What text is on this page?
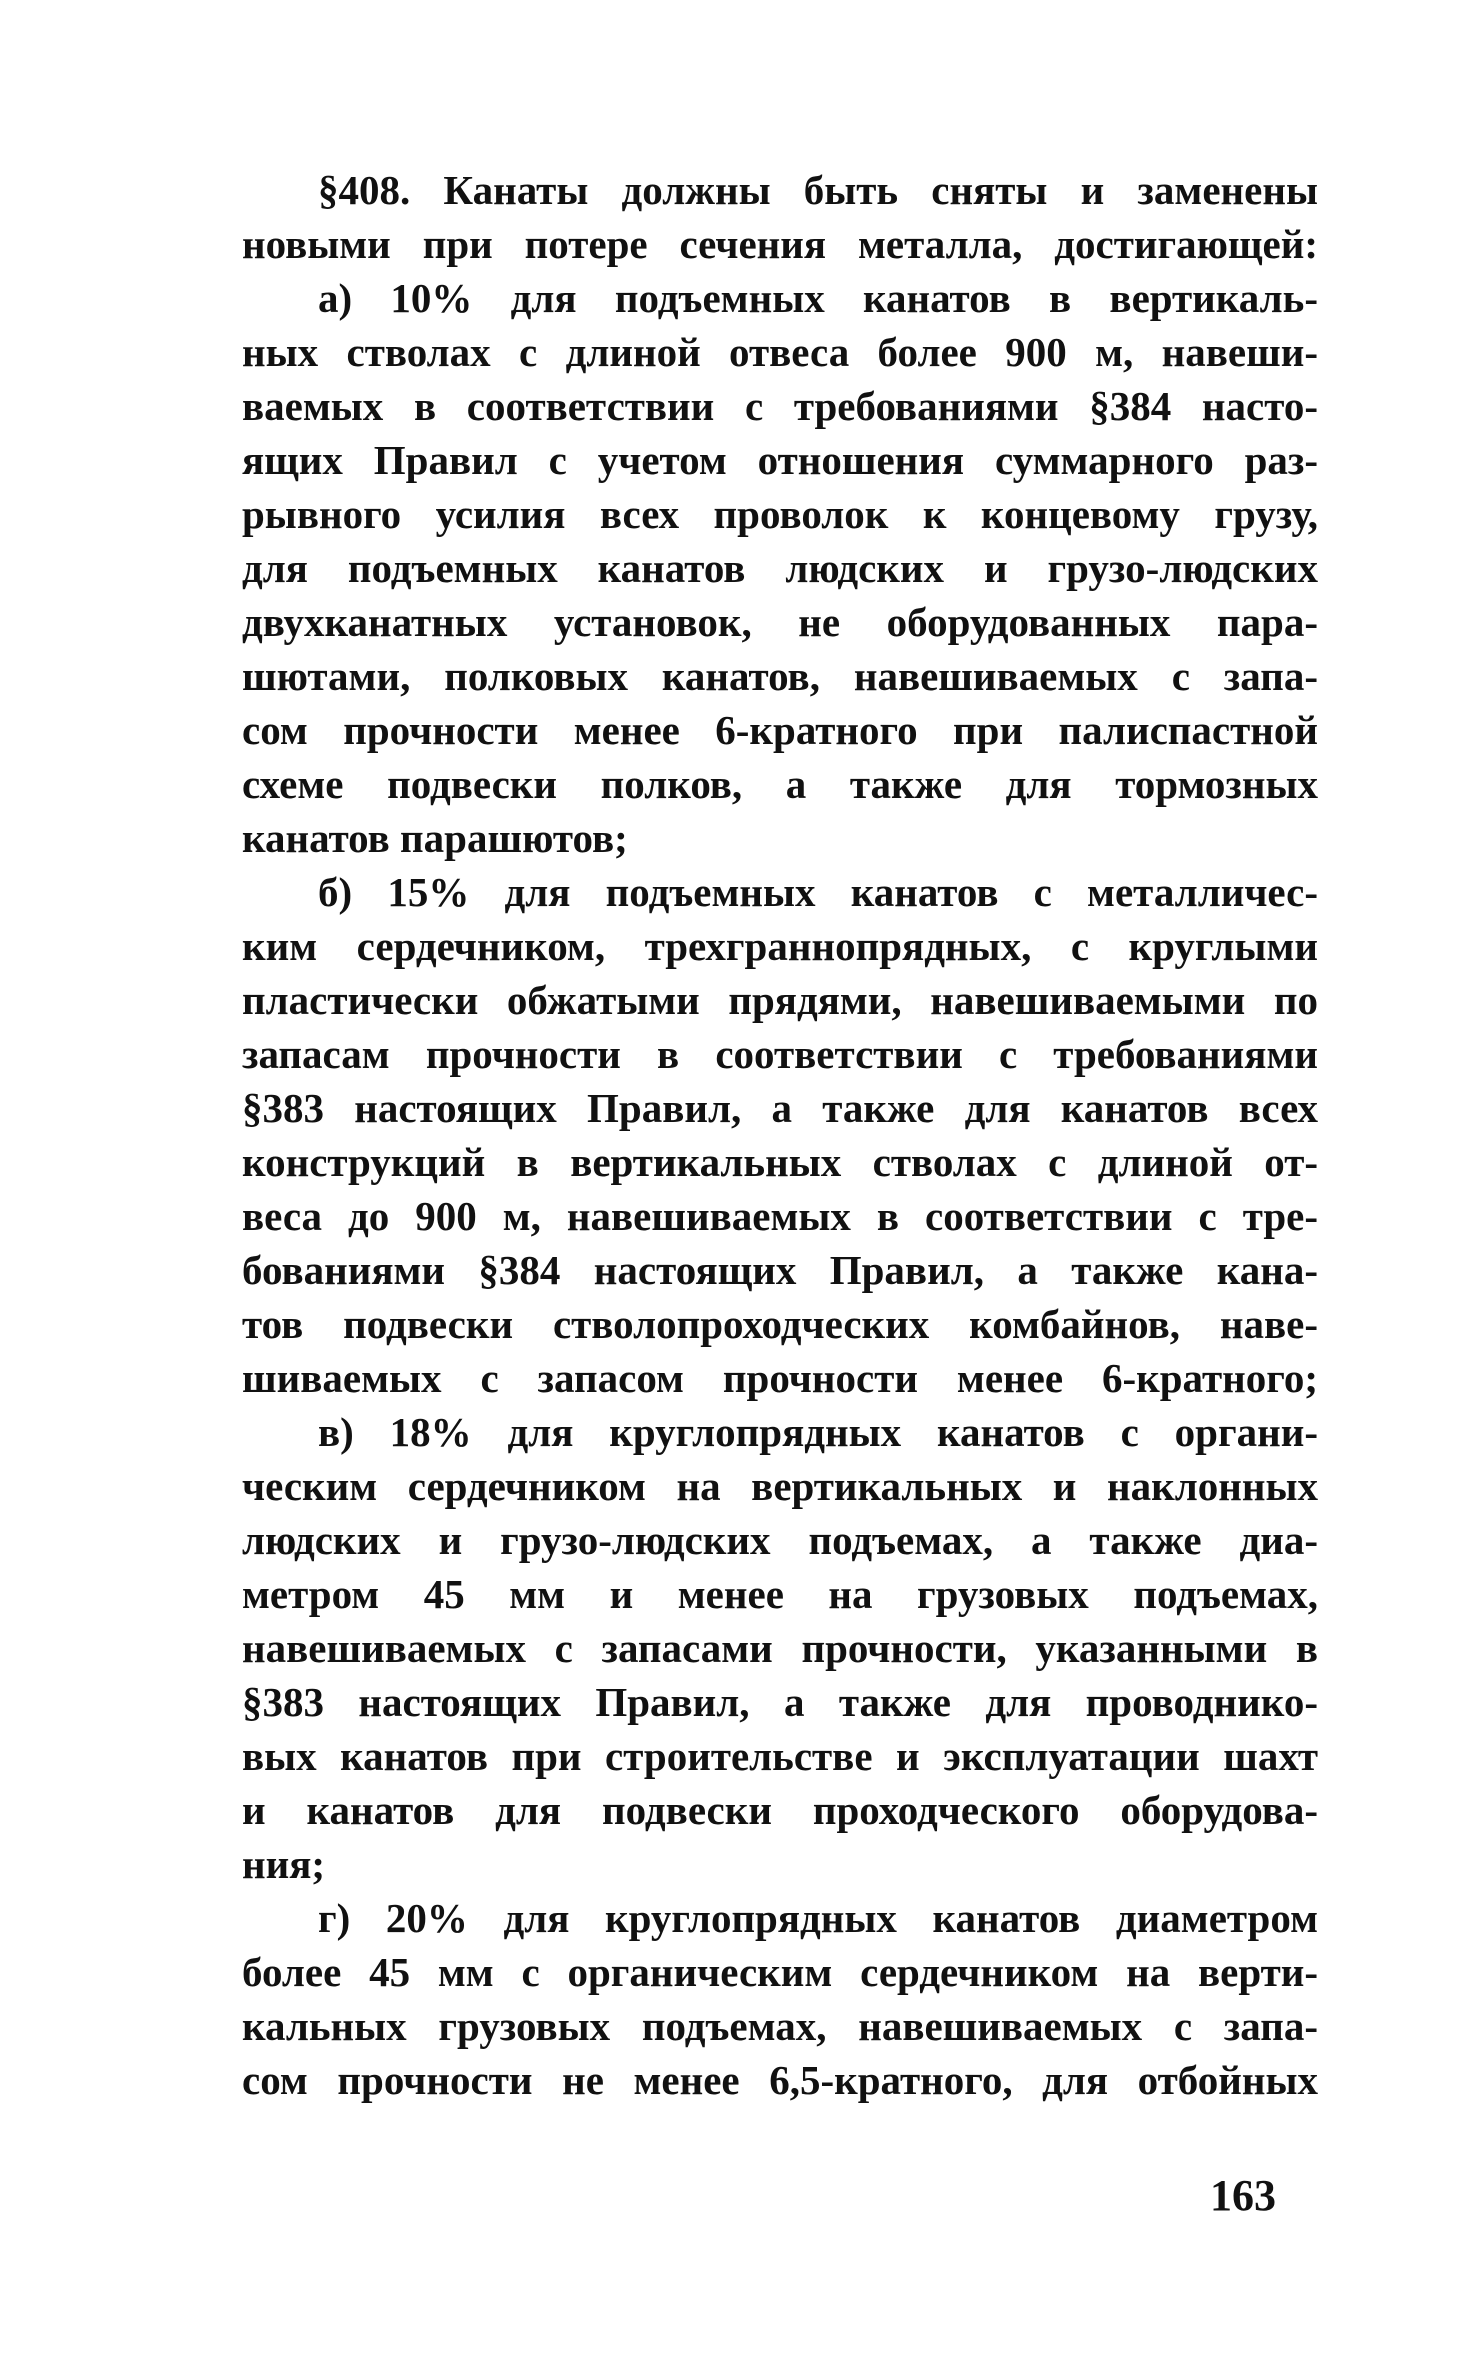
§408. Канаты должны быть сняты и заменены
новыми при потере сечения металла, достигающей:
а) 10% для подъемных канатов в вертикаль-
ных стволах с длиной отвеса более 900 м, навеши-
ваемых в соответствии с требованиями §384 насто-
ящих Правил с учетом отношения суммарного раз-
рывного усилия всех проволок к концевому грузу,
для подъемных канатов людских и грузо-людских
двухканатных установок, не оборудованных пара-
шютами, полковых канатов, навешиваемых с запа-
сом прочности менее 6-кратного при палиспастной
схеме подвески полков, а также для тормозных
канатов парашютов;
б) 15% для подъемных канатов с металличес-
ким сердечником, трехграннопрядных, с круглыми
пластически обжатыми прядями, навешиваемыми по
запасам прочности в соответствии с требованиями
§383 настоящих Правил, а также для канатов всех
конструкций в вертикальных стволах с длиной от-
веса до 900 м, навешиваемых в соответствии с тре-
бованиями §384 настоящих Правил, а также кана-
тов подвески стволопроходческих комбайнов, наве-
шиваемых с запасом прочности менее 6-кратного;
в) 18% для круглопрядных канатов с органи-
ческим сердечником на вертикальных и наклонных
людских и грузо-людских подъемах, а также диа-
метром 45 мм и менее на грузовых подъемах,
навешиваемых с запасами прочности, указанными в
§383 настоящих Правил, а также для проводнико-
вых канатов при строительстве и эксплуатации шахт
и канатов для подвески проходческого оборудова-
ния;
г) 20% для круглопрядных канатов диаметром
более 45 мм с органическим сердечником на верти-
кальных грузовых подъемах, навешиваемых с запа-
сом прочности не менее 6,5-кратного, для отбойных
163
